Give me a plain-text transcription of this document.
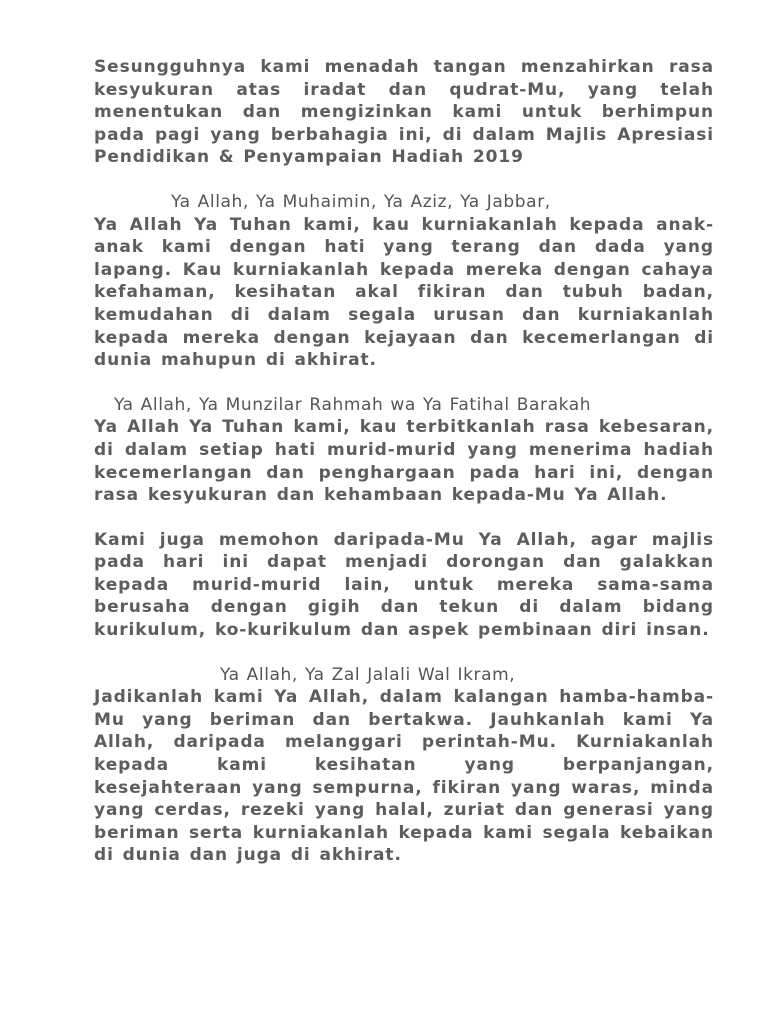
Sesungguhnya kami menadah tangan menzahirkan rasa kesyukuran atas iradat dan qudrat-Mu, yang telah menentukan dan mengizinkan kami untuk berhimpun pada pagi yang berbahagia ini, di dalam Majlis Apresiasi Pendidikan & Penyampaian Hadiah 2019

Ya Allah, Ya Muhaimin, Ya Aziz, Ya Jabbar,

Ya Allah Ya Tuhan kami, kau kurniakanlah kepada anak-anak kami dengan hati yang terang dan dada yang lapang. Kau kurniakanlah kepada mereka dengan cahaya kefahaman, kesihatan akal fikiran dan tubuh badan, kemudahan di dalam segala urusan dan kurniakanlah kepada mereka dengan kejayaan dan kecemerlangan di dunia mahupun di akhirat.

Ya Allah, Ya Munzilar Rahmah wa Ya Fatihal Barakah

Ya Allah Ya Tuhan kami, kau terbitkanlah rasa kebesaran, di dalam setiap hati murid-murid yang menerima hadiah kecemerlangan dan penghargaan pada hari ini, dengan rasa kesyukuran dan kehambaan kepada-Mu Ya Allah.

Kami juga memohon daripada-Mu Ya Allah, agar majlis pada hari ini dapat menjadi dorongan dan galakkan kepada murid-murid lain, untuk mereka sama-sama berusaha dengan gigih dan tekun di dalam bidang kurikulum, ko-kurikulum dan aspek pembinaan diri insan.

Ya Allah, Ya Zal Jalali Wal Ikram,

Jadikanlah kami Ya Allah, dalam kalangan hamba-hamba-Mu yang beriman dan bertakwa. Jauhkanlah kami Ya Allah, daripada melanggari perintah-Mu. Kurniakanlah kepada kami kesihatan yang berpanjangan, kesejahteraan yang sempurna, fikiran yang waras, minda yang cerdas, rezeki yang halal, zuriat dan generasi yang beriman serta kurniakanlah kepada kami segala kebaikan di dunia dan juga di akhirat.
